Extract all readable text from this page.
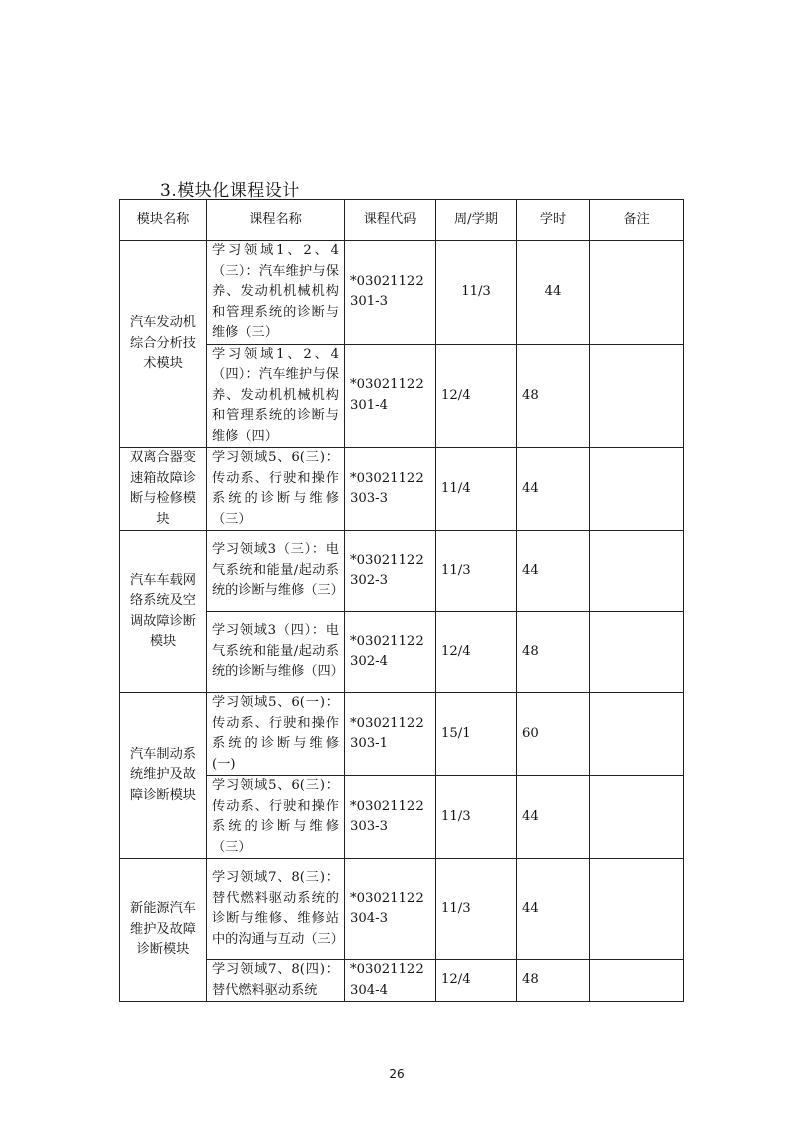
3.模块化课程设计
模块名称	课程名称	课程代码	周/学期	学时	备注
汽车发动机综合分析技术模块	学习领域1、2、4（三）：汽车维护与保养、发动机机械机构和管理系统的诊断与维修（三）	*03021122301-3	11/3	44	
	学习领域1、2、4（四）：汽车维护与保养、发动机机械机构和管理系统的诊断与维修（四）	*03021122301-4	12/4	48	
双离合器变速箱故障诊断与检修模块	学习领域5、6(三)：传动系、行驶和操作系统的诊断与维修（三）	*03021122303-3	11/4	44	
汽车车载网络系统及空调故障诊断模块	学习领域3（三）：电气系统和能量/起动系统的诊断与维修（三）	*03021122302-3	11/3	44	
	学习领域3（四）：电气系统和能量/起动系统的诊断与维修（四）	*03021122302-4	12/4	48	
汽车制动系统维护及故障诊断模块	学习领域5、6(一)：传动系、行驶和操作系统的诊断与维修(一)	*03021122303-1	15/1	60	
	学习领域5、6(三)：传动系、行驶和操作系统的诊断与维修（三）	*03021122303-3	11/3	44	
新能源汽车维护及故障诊断模块	学习领域7、8(三)：替代燃料驱动系统的诊断与维修、维修站中的沟通与互动（三）	*03021122304-3	11/3	44	
	学习领域7、8(四)：替代燃料驱动系统	*03021122304-4	12/4	48	

26
